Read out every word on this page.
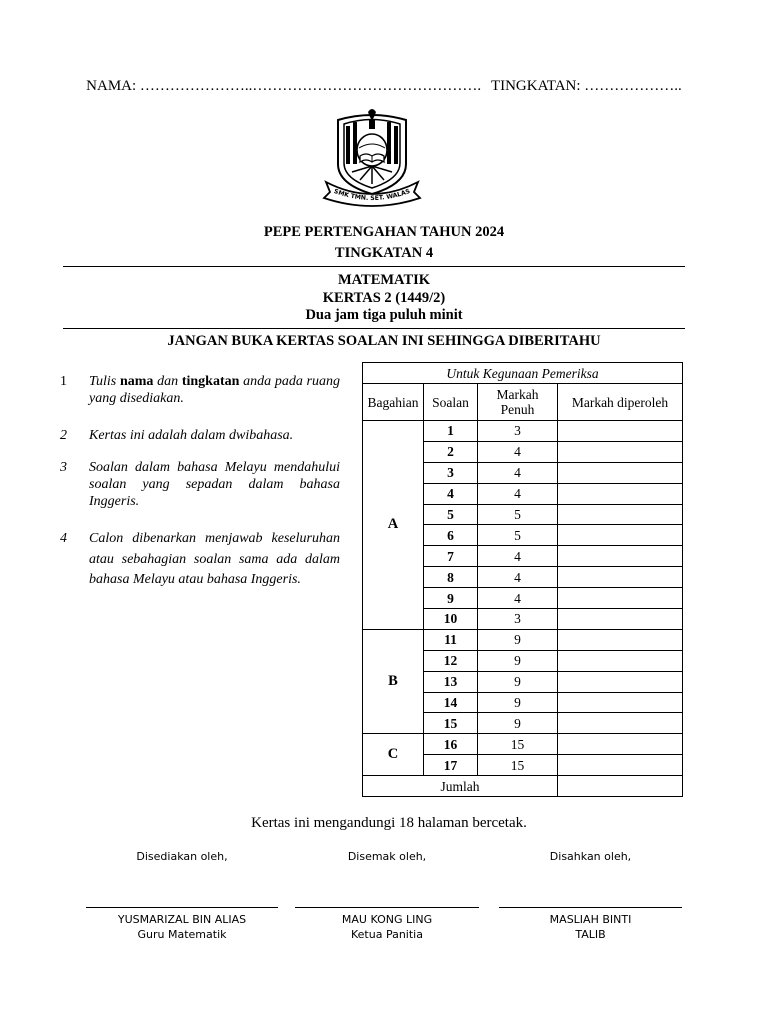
NAMA: …………………..………………………………………. TINGKATAN: ………………..
SMK TMN. SET. WALAS
PEPE PERTENGAHAN TAHUN 2024
TINGKATAN 4
MATEMATIK
KERTAS 2 (1449/2)
Dua jam tiga puluh minit
JANGAN BUKA KERTAS SOALAN INI SEHINGGA DIBERITAHU
1 Tulis nama dan tingkatan anda pada ruang yang disediakan.
2 Kertas ini adalah dalam dwibahasa.
3 Soalan dalam bahasa Melayu mendahului soalan yang sepadan dalam bahasa Inggeris.
4 Calon dibenarkan menjawab keseluruhan atau sebahagian soalan sama ada dalam bahasa Melayu atau bahasa Inggeris.
Untuk Kegunaan Pemeriksa			
Bagahian	Soalan	Markah Penuh	Markah diperoleh
A	1	3	
	2	4	
	3	4	
	4	4	
	5	5	
	6	5	
	7	4	
	8	4	
	9	4	
	10	3	
B	11	9	
	12	9	
	13	9	
	14	9	
	15	9	
C	16	15	
	17	15	
Jumlah			
Kertas ini mengandungi 18 halaman bercetak.
Disediakan oleh,	Disemak oleh,	Disahkan oleh,
YUSMARIZAL BIN ALIAS
Guru Matematik
MAU KONG LING
Ketua Panitia
MASLIAH BINTI
TALIB
